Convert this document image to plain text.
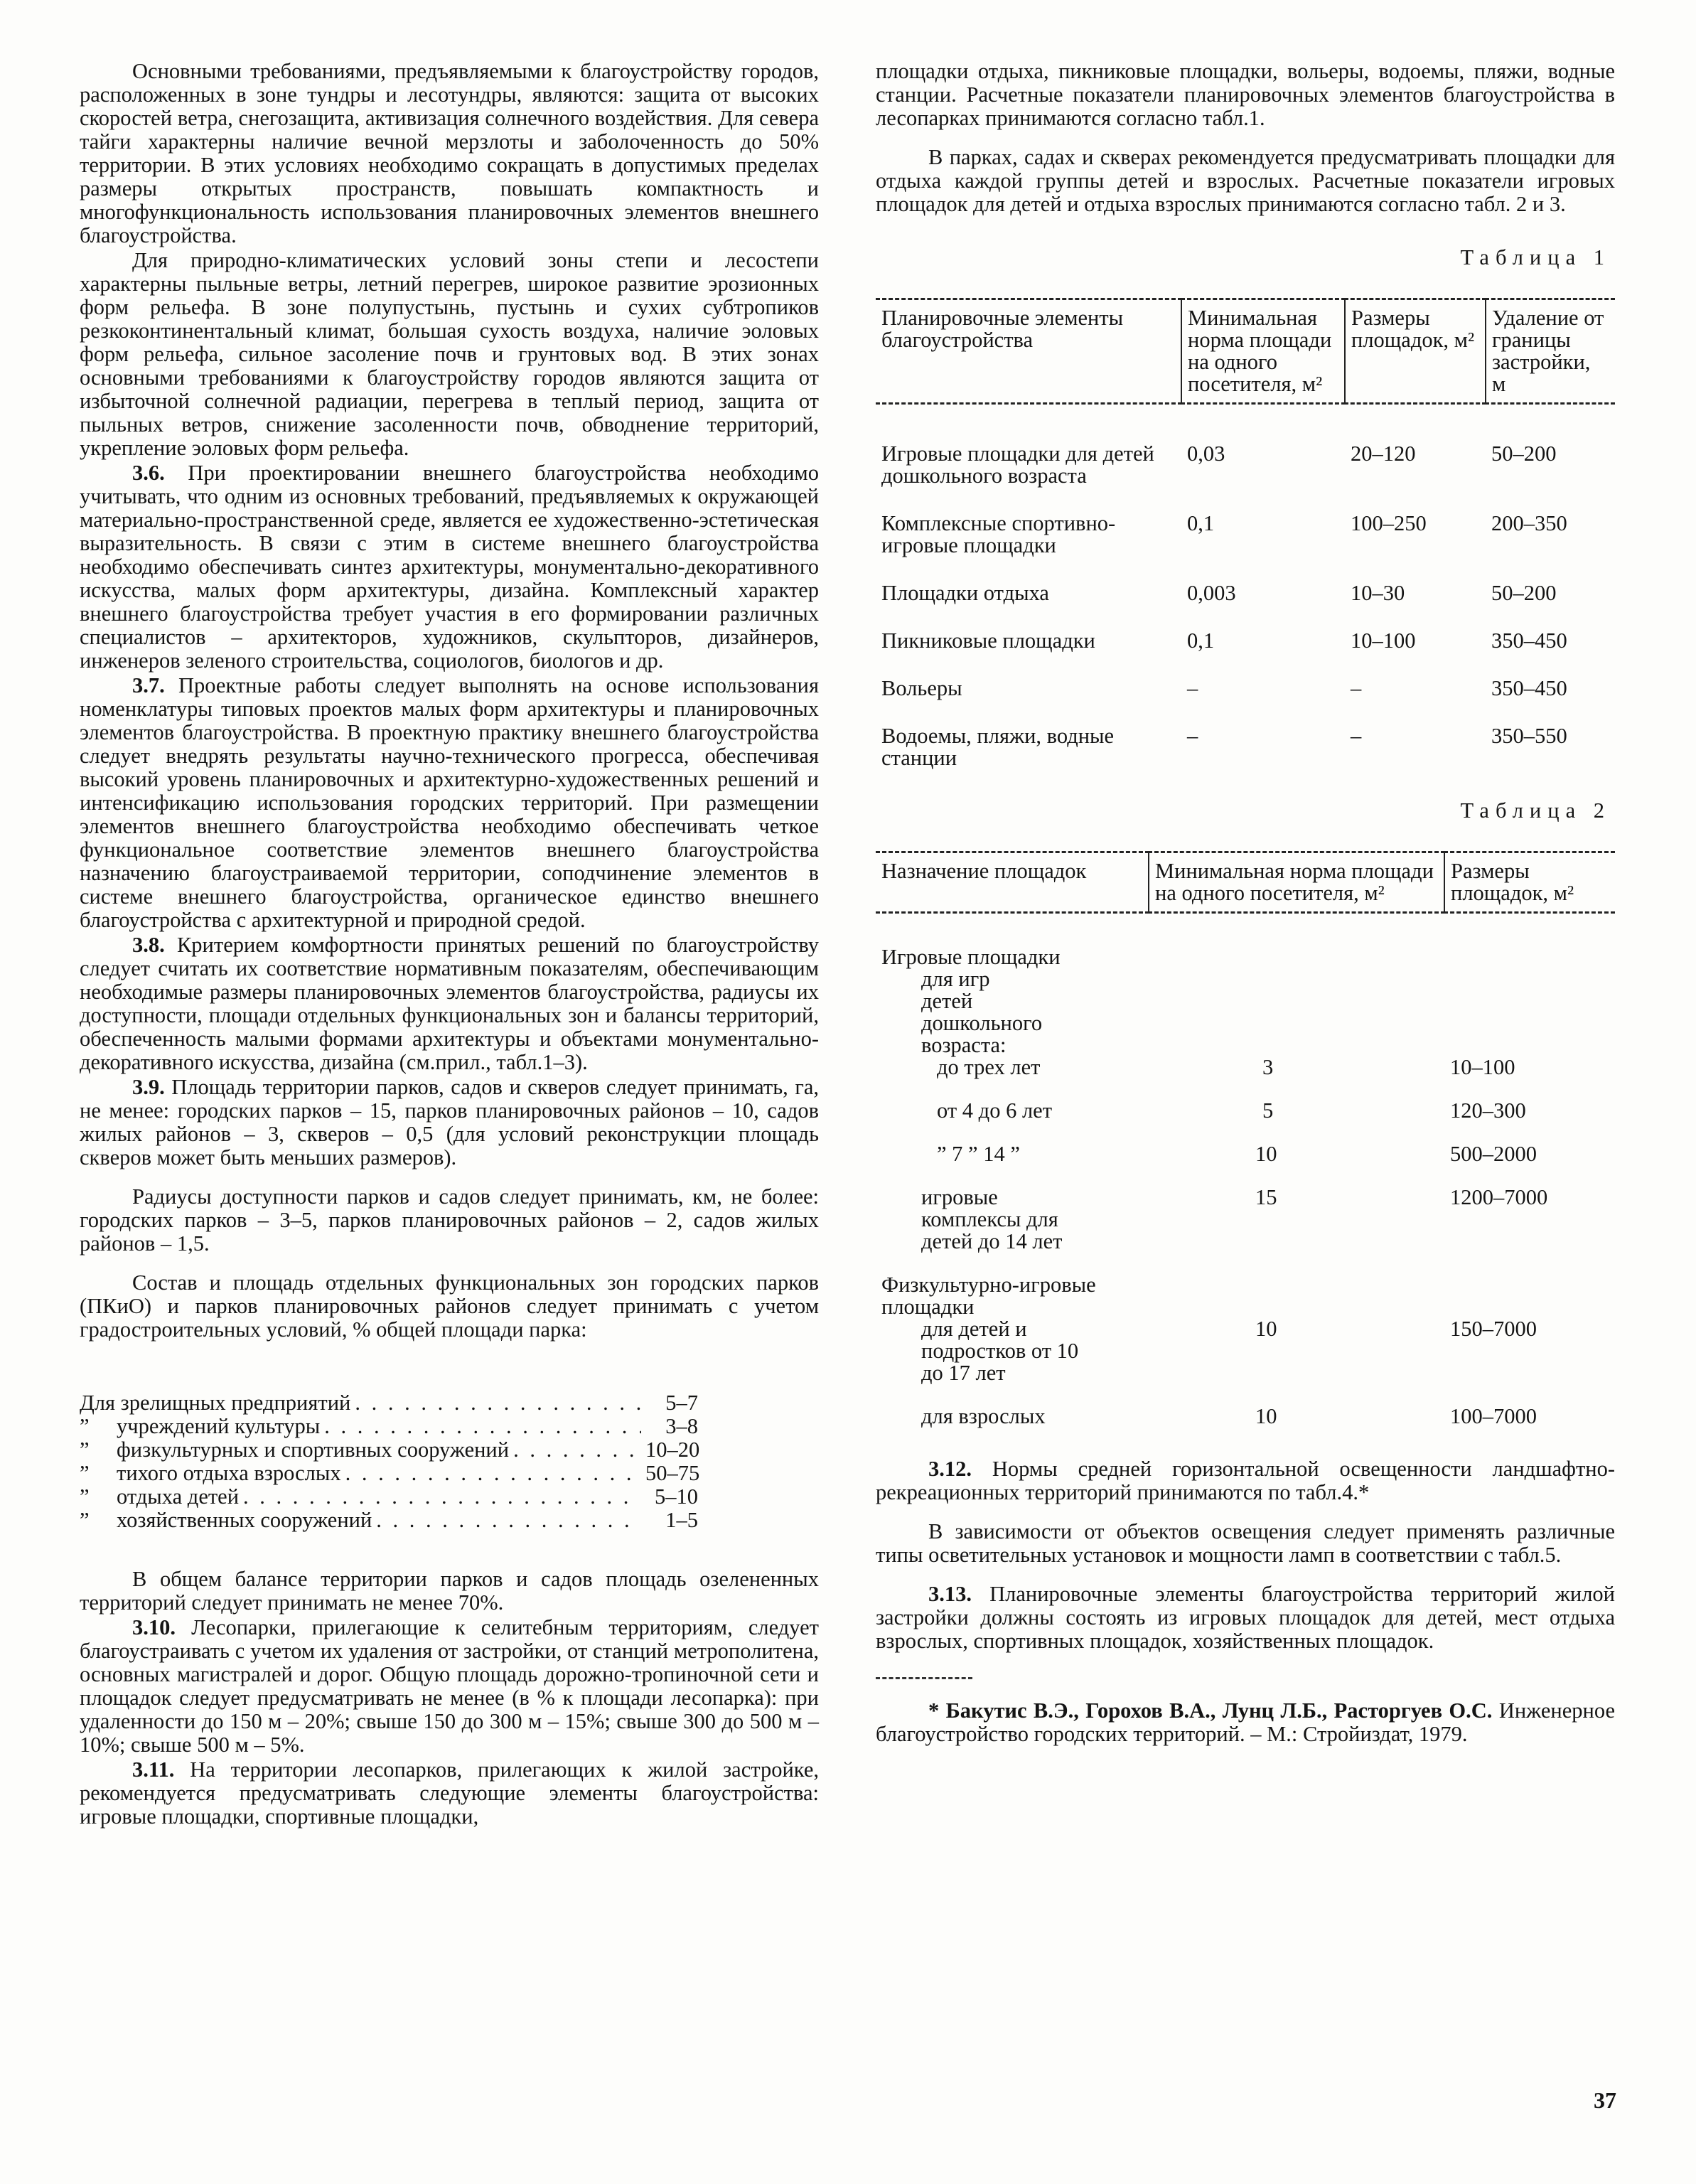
Основными требованиями, предъявляемыми к благоустройству городов, расположенных в зоне тундры и лесотундры, являются: защита от высоких скоростей ветра, снегозащита, активизация солнечного воздействия. Для севера тайги характерны наличие вечной мерзлоты и заболоченность до 50% территории. В этих условиях необходимо сокращать в допустимых пределах размеры открытых пространств, повышать компактность и многофункциональность использования планировочных элементов внешнего благоустройства.

Для природно-климатических условий зоны степи и лесостепи характерны пыльные ветры, летний перегрев, широкое развитие эрозионных форм рельефа. В зоне полупустынь, пустынь и сухих субтропиков резкоконтинентальный климат, большая сухость воздуха, наличие эоловых форм рельефа, сильное засоление почв и грунтовых вод. В этих зонах основными требованиями к благоустройству городов являются защита от избыточной солнечной радиации, перегрева в теплый период, защита от пыльных ветров, снижение засоленности почв, обводнение территорий, укрепление эоловых форм рельефа.

3.6. При проектировании внешнего благоустройства необходимо учитывать, что одним из основных требований, предъявляемых к окружающей материально-пространственной среде, является ее художественно-эстетическая выразительность. В связи с этим в системе внешнего благоустройства необходимо обеспечивать синтез архитектуры, монументально-декоративного искусства, малых форм архитектуры, дизайна. Комплексный характер внешнего благоустройства требует участия в его формировании различных специалистов – архитекторов, художников, скульпторов, дизайнеров, инженеров зеленого строительства, социологов, биологов и др.

3.7. Проектные работы следует выполнять на основе использования номенклатуры типовых проектов малых форм архитектуры и планировочных элементов благоустройства. В проектную практику внешнего благоустройства следует внедрять результаты научно-технического прогресса, обеспечивая высокий уровень планировочных и архитектурно-художественных решений и интенсификацию использования городских территорий. При размещении элементов внешнего благоустройства необходимо обеспечивать четкое функциональное соответствие элементов внешнего благоустройства назначению благоустраиваемой территории, соподчинение элементов в системе внешнего благоустройства, органическое единство внешнего благоустройства с архитектурной и природной средой.

3.8. Критерием комфортности принятых решений по благоустройству следует считать их соответствие нормативным показателям, обеспечивающим необходимые размеры планировочных элементов благоустройства, радиусы их доступности, площади отдельных функциональных зон и балансы территорий, обеспеченность малыми формами архитектуры и объектами монументально-декоративного искусства, дизайна (см.прил., табл.1–3).

3.9. Площадь территории парков, садов и скверов следует принимать, га, не менее: городских парков – 15, парков планировочных районов – 10, садов жилых районов – 3, скверов – 0,5 (для условий реконструкции площадь скверов может быть меньших размеров).

Радиусы доступности парков и садов следует принимать, км, не более: городских парков – 3–5, парков планировочных районов – 2, садов жилых районов – 1,5.

Состав и площадь отдельных функциональных зон городских парков (ПКиО) и парков планировочных районов следует принимать с учетом градостроительных условий, % общей площади парка:

Для зрелищных предприятий . . .	5–7
”	учреждений культуры . . .	3–8
”	физкультурных и спортивных сооружений . . .	10–20
”	тихого отдыха взрослых . . .	50–75
”	отдыха детей . . .	5–10
”	хозяйственных сооружений . . .	1–5

В общем балансе территории парков и садов площадь озелененных территорий следует принимать не менее 70%.

3.10. Лесопарки, прилегающие к селитебным территориям, следует благоустраивать с учетом их удаления от застройки, от станций метрополитена, основных магистралей и дорог. Общую площадь дорожно-тропиночной сети и площадок следует предусматривать не менее (в % к площади лесопарка): при удаленности до 150 м – 20%; свыше 150 до 300 м – 15%; свыше 300 до 500 м – 10%; свыше 500 м – 5%.

3.11. На территории лесопарков, прилегающих к жилой застройке, рекомендуется предусматривать следующие элементы благоустройства: игровые площадки, спортивные площадки,

площадки отдыха, пикниковые площадки, вольеры, водоемы, пляжи, водные станции. Расчетные показатели планировочных элементов благоустройства в лесопарках принимаются согласно табл.1.

В парках, садах и скверах рекомендуется предусматривать площадки для отдыха каждой группы детей и взрослых. Расчетные показатели игровых площадок для детей и отдыха взрослых принимаются согласно табл. 2 и 3.

Таблица 1
Планировочные элементы благоустройства	Минимальная норма площади на одного посетителя, м²	Размеры площадок, м²	Удаление от границы застройки, м

Игровые площадки для детей дошкольного возраста	0,03	20–120	50–200
Комплексные спортивно-игровые площадки	0,1	100–250	200–350
Площадки отдыха	0,003	10–30	50–200
Пикниковые площадки	0,1	10–100	350–450
Вольеры	–	–	350–450
Водоемы, пляжи, водные станции	–	–	350–550
Таблица 2
Назначение площадок	Минимальная норма площади на одного посетителя, м²	Размеры площадок, м²

Игровые площадки		
для игр детей дошкольного возраста:		
до трех лет	3	10–100
от 4 до 6 лет	5	120–300
” 7 ” 14 ”	10	500–2000
игровые комплексы для детей до 14 лет	15	1200–7000
Физкультурно-игровые площадки		
для детей и подростков от 10 до 17 лет	10	150–7000
для взрослых	10	100–7000

3.12. Нормы средней горизонтальной освещенности ландшафтно-рекреационных территорий принимаются по табл.4.*

В зависимости от объектов освещения следует применять различные типы осветительных установок и мощности ламп в соответствии с табл.5.

3.13. Планировочные элементы благоустройства территорий жилой застройки должны состоять из игровых площадок для детей, мест отдыха взрослых, спортивных площадок, хозяйственных площадок.

* Бакутис В.Э., Горохов В.А., Лунц Л.Б., Расторгуев О.С. Инженерное благоустройство городских территорий. – М.: Стройиздат, 1979.

37
